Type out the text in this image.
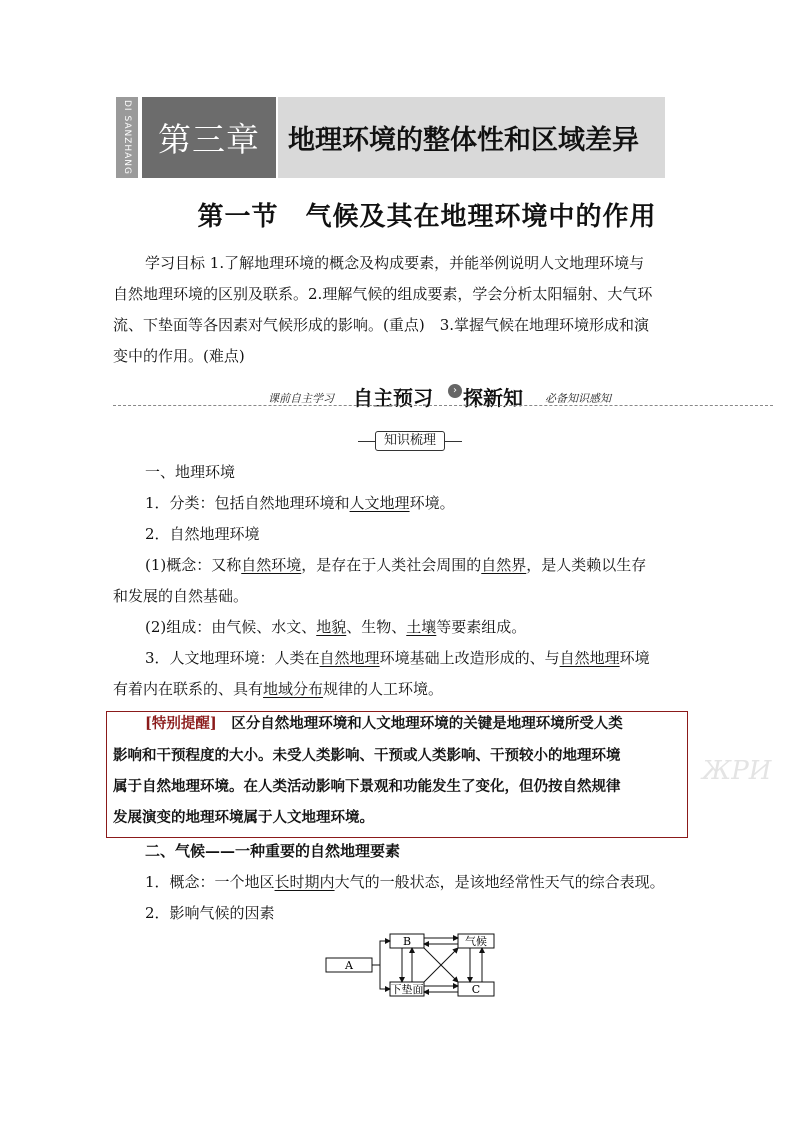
DI SANZHANG 第三章 地理环境的整体性和区域差异
第一节　气候及其在地理环境中的作用
学习目标 1.了解地理环境的概念及构成要素，并能举例说明人文地理环境与
自然地理环境的区别及联系。2.理解气候的组成要素，学会分析太阳辐射、大气环
流、下垫面等各因素对气候形成的影响。(重点)　3.掌握气候在地理环境形成和演
变中的作用。(难点)
课前自主学习 自主预习	› 探新知 必备知识感知
知识梳理
一、地理环境
1．分类：包括自然地理环境和人文地理环境。
2．自然地理环境
(1)概念：又称自然环境，是存在于人类社会周围的自然界，是人类赖以生存
和发展的自然基础。
(2)组成：由气候、水文、地貌、生物、土壤等要素组成。
3．人文地理环境：人类在自然地理环境基础上改造形成的、与自然地理环境
有着内在联系的、具有地域分布规律的人工环境。
[特别提醒]　 区分自然地理环境和人文地理环境的关键是地理环境所受人类
影响和干预程度的大小。未受人类影响、干预或人类影响、干预较小的地理环境
属于自然地理环境。在人类活动影响下景观和功能发生了变化，但仍按自然规律
发展演变的地理环境属于人文地理环境。
ЖРИ
二、气候——一种重要的自然地理要素
1．概念：一个地区长时期内大气的一般状态，是该地经常性天气的综合表现。
2．影响气候的因素
A
B	气候
下垫面	C
